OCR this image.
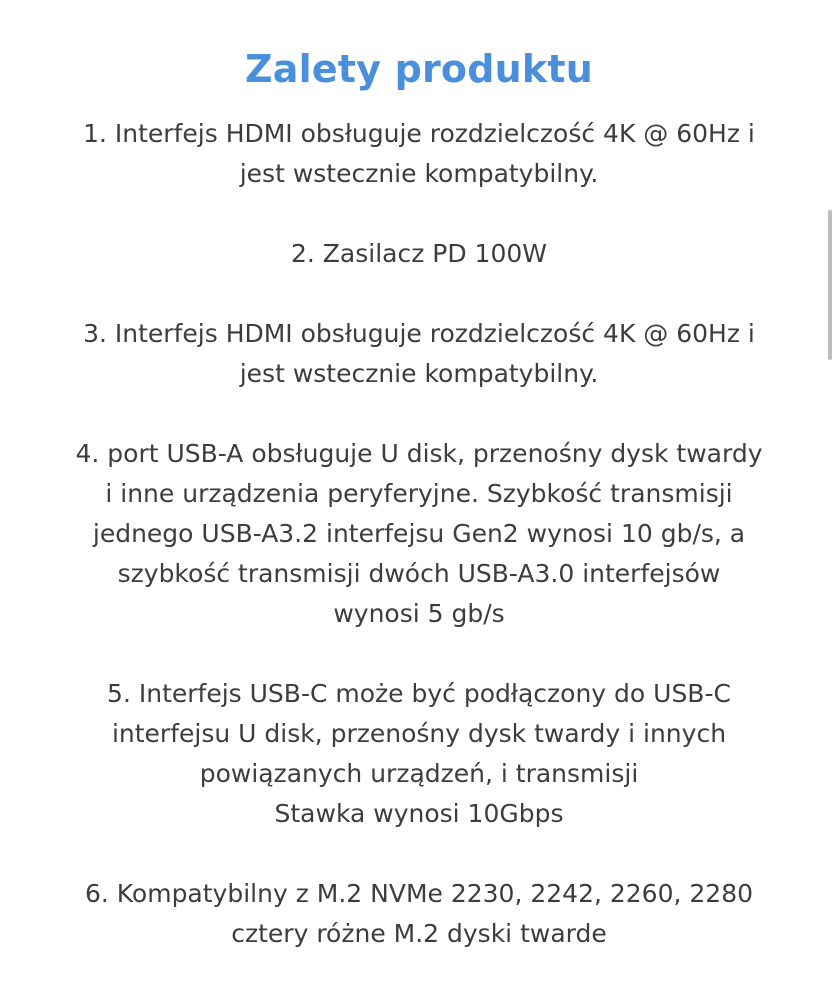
Zalety produktu
1. Interfejs HDMI obsługuje rozdzielczość 4K @ 60Hz i
jest wstecznie kompatybilny.
2. Zasilacz PD 100W
3. Interfejs HDMI obsługuje rozdzielczość 4K @ 60Hz i
jest wstecznie kompatybilny.
4. port USB-A obsługuje U disk, przenośny dysk twardy
i inne urządzenia peryferyjne. Szybkość transmisji
jednego USB-A3.2 interfejsu Gen2 wynosi 10 gb/s, a
szybkość transmisji dwóch USB-A3.0 interfejsów
wynosi 5 gb/s
5. Interfejs USB-C może być podłączony do USB-C
interfejsu U disk, przenośny dysk twardy i innych
powiązanych urządzeń, i transmisji
Stawka wynosi 10Gbps
6. Kompatybilny z M.2 NVMe 2230, 2242, 2260, 2280
cztery różne M.2 dyski twarde
